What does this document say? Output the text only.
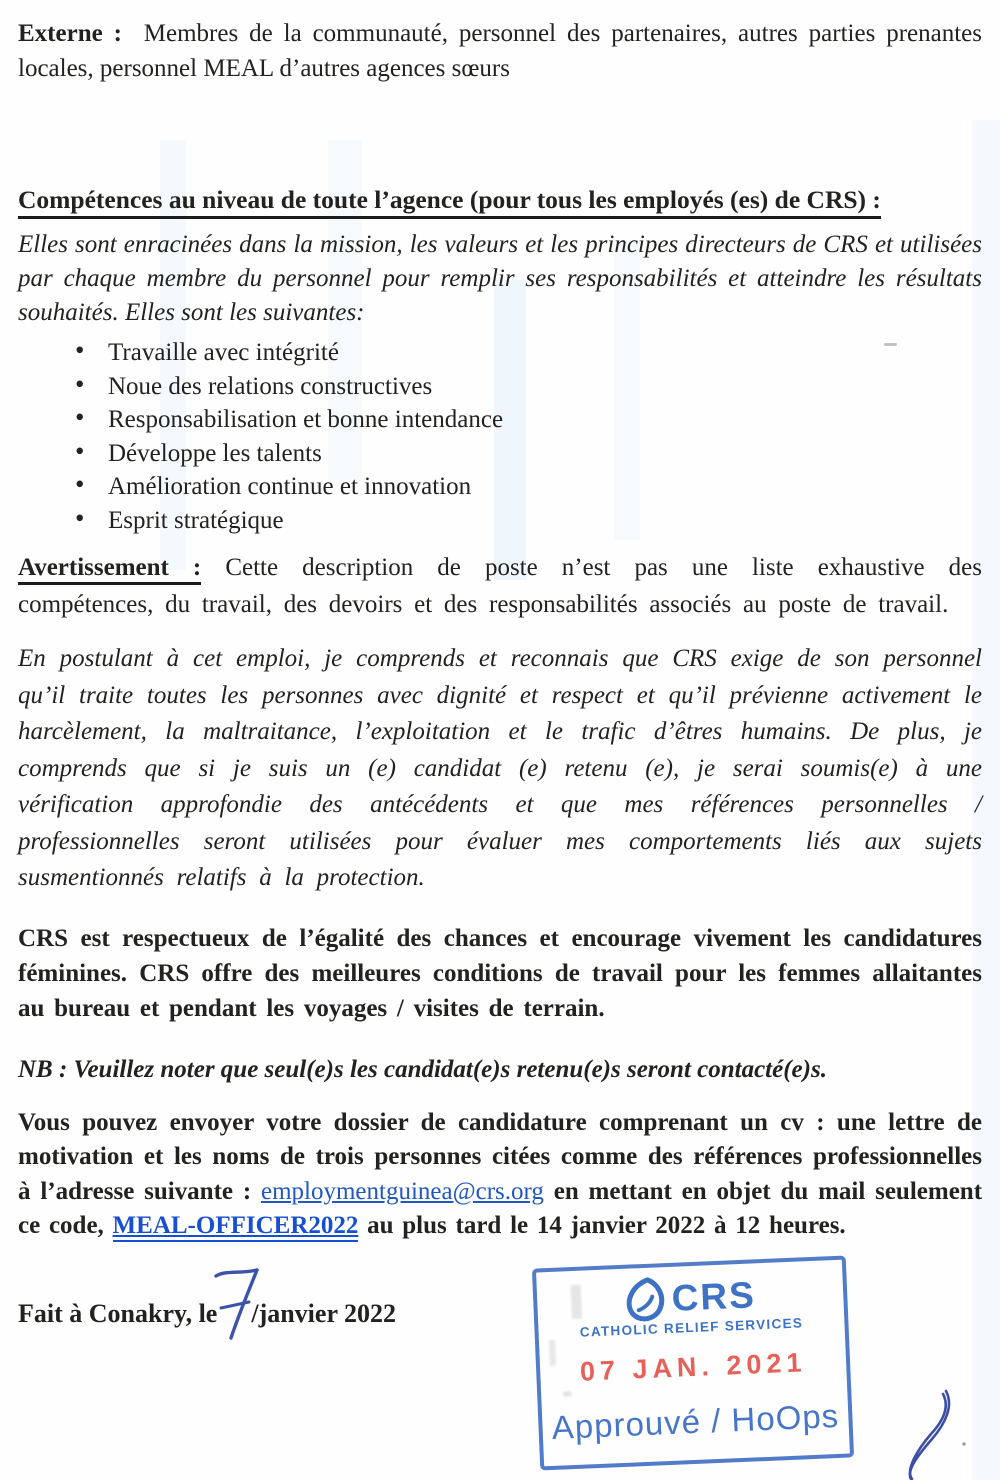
Externe : Membres de la communauté, personnel des partenaires, autres parties prenantes locales, personnel MEAL d’autres agences sœurs

Compétences au niveau de toute l’agence (pour tous les employés (es) de CRS) :

Elles sont enracinées dans la mission, les valeurs et les principes directeurs de CRS et utilisées par chaque membre du personnel pour remplir ses responsabilités et atteindre les résultats souhaités. Elles sont les suivantes:

• Travaille avec intégrité
• Noue des relations constructives
• Responsabilisation et bonne intendance
• Développe les talents
• Amélioration continue et innovation
• Esprit stratégique

Avertissement : Cette description de poste n’est pas une liste exhaustive des compétences, du travail, des devoirs et des responsabilités associés au poste de travail.

En postulant à cet emploi, je comprends et reconnais que CRS exige de son personnel qu’il traite toutes les personnes avec dignité et respect et qu’il prévienne activement le harcèlement, la maltraitance, l’exploitation et le trafic d’êtres humains. De plus, je comprends que si je suis un (e) candidat (e) retenu (e), je serai soumis(e) à une vérification approfondie des antécédents et que mes références personnelles / professionnelles seront utilisées pour évaluer mes comportements liés aux sujets susmentionnés relatifs à la protection.

CRS est respectueux de l’égalité des chances et encourage vivement les candidatures féminines. CRS offre des meilleures conditions de travail pour les femmes allaitantes au bureau et pendant les voyages / visites de terrain.

NB : Veuillez noter que seul(e)s les candidat(e)s retenu(e)s seront contacté(e)s.

Vous pouvez envoyer votre dossier de candidature comprenant un cv : une lettre de motivation et les noms de trois personnes citées comme des références professionnelles à l’adresse suivante : employmentguinea@crs.org en mettant en objet du mail seulement ce code, MEAL-OFFICER2022 au plus tard le 14 janvier 2022 à 12 heures.

Fait à Conakry, le /janvier 2022	CRS
CATHOLIC RELIEF SERVICES
07 JAN. 2021
Approuvé / HoOps
